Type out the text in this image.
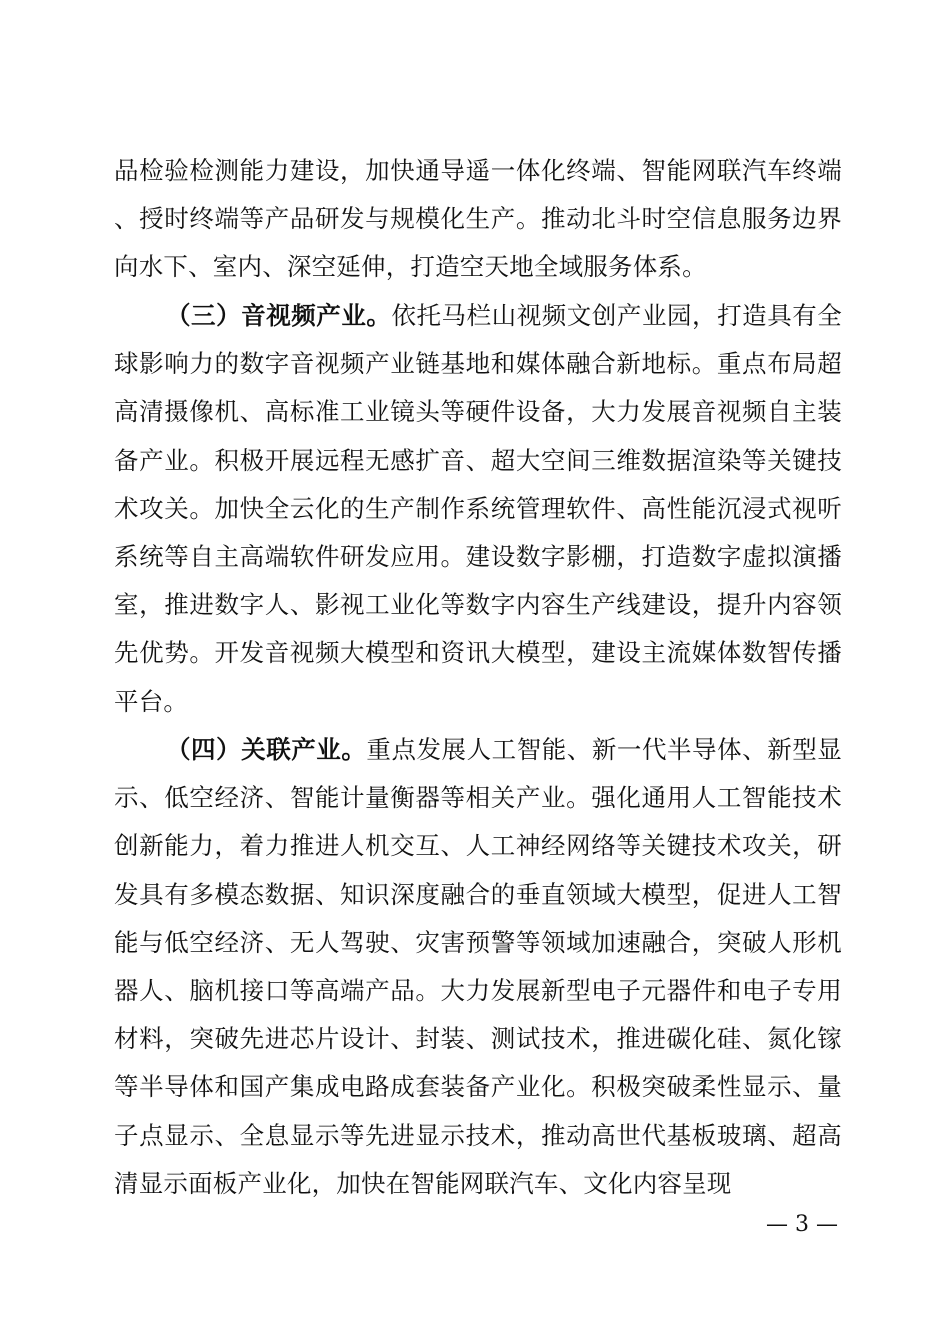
品检验检测能力建设，加快通导遥一体化终端、智能网联汽车终端、授时终端等产品研发与规模化生产。推动北斗时空信息服务边界向水下、室内、深空延伸，打造空天地全域服务体系。

（三）音视频产业。依托马栏山视频文创产业园，打造具有全球影响力的数字音视频产业链基地和媒体融合新地标。重点布局超高清摄像机、高标准工业镜头等硬件设备，大力发展音视频自主装备产业。积极开展远程无感扩音、超大空间三维数据渲染等关键技术攻关。加快全云化的生产制作系统管理软件、高性能沉浸式视听系统等自主高端软件研发应用。建设数字影棚，打造数字虚拟演播室，推进数字人、影视工业化等数字内容生产线建设，提升内容领先优势。开发音视频大模型和资讯大模型，建设主流媒体数智传播平台。

（四）关联产业。重点发展人工智能、新一代半导体、新型显示、低空经济、智能计量衡器等相关产业。强化通用人工智能技术创新能力，着力推进人机交互、人工神经网络等关键技术攻关，研发具有多模态数据、知识深度融合的垂直领域大模型，促进人工智能与低空经济、无人驾驶、灾害预警等领域加速融合，突破人形机器人、脑机接口等高端产品。大力发展新型电子元器件和电子专用材料，突破先进芯片设计、封装、测试技术，推进碳化硅、氮化镓等半导体和国产集成电路成套装备产业化。积极突破柔性显示、量子点显示、全息显示等先进显示技术，推动高世代基板玻璃、超高清显示面板产业化，加快在智能网联汽车、文化内容呈现

— 3 —
